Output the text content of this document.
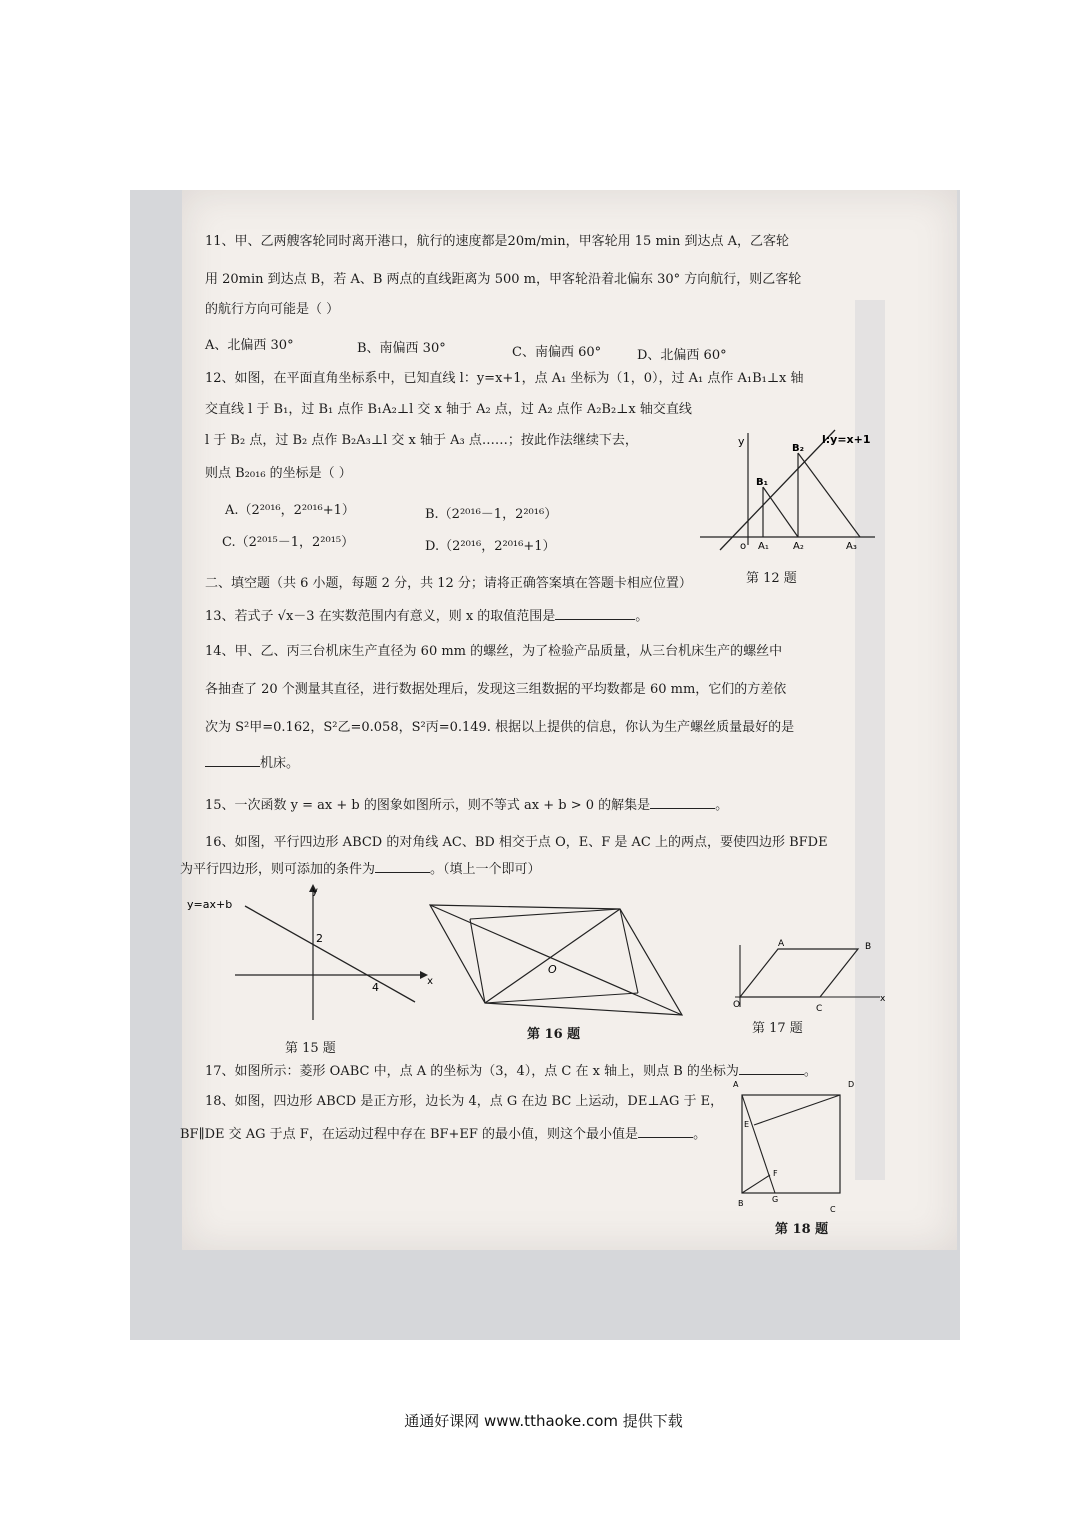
11、甲、乙两艘客轮同时离开港口，航行的速度都是20m/min，甲客轮用 15 min 到达点 A，乙客轮
用 20min 到达点 B，若 A、B 两点的直线距离为 500 m，甲客轮沿着北偏东 30° 方向航行，则乙客轮
的航行方向可能是（ ）
A、北偏西 30°	B、南偏西 30°	C、南偏西 60°	D、北偏西 60°
12、如图，在平面直角坐标系中，已知直线 l：y=x+1，点 A₁ 坐标为（1，0），过 A₁ 点作 A₁B₁⊥x 轴
交直线 l 于 B₁，过 B₁ 点作 B₁A₂⊥l 交 x 轴于 A₂ 点，过 A₂ 点作 A₂B₂⊥x 轴交直线
l 于 B₂ 点，过 B₂ 点作 B₂A₃⊥l 交 x 轴于 A₃ 点……；按此作法继续下去，
则点 B₂₀₁₆ 的坐标是（ ）
A.（2²⁰¹⁶，2²⁰¹⁶+1）	B.（2²⁰¹⁶－1，2²⁰¹⁶）
C.（2²⁰¹⁵－1，2²⁰¹⁵）	D.（2²⁰¹⁶，2²⁰¹⁶+1）
y	l:y=x+1
o
B₁
B₂
A₁ A₂	A₃
第 12 题
二、填空题（共 6 小题，每题 2 分，共 12 分；请将正确答案填在答题卡相应位置）
13、若式子 √x－3 在实数范围内有意义，则 x 的取值范围是	。
14、甲、乙、丙三台机床生产直径为 60 mm 的螺丝，为了检验产品质量，从三台机床生产的螺丝中
各抽查了 20 个测量其直径，进行数据处理后，发现这三组数据的平均数都是 60 mm，它们的方差依
次为 S²甲=0.162，S²乙=0.058，S²丙=0.149. 根据以上提供的信息，你认为生产螺丝质量最好的是
机床。
15、一次函数 y = ax + b 的图象如图所示，则不等式 ax + b > 0 的解集是	。
16、如图，平行四边形 ABCD 的对角线 AC、BD 相交于点 O，E、F 是 AC 上的两点，要使四边形 BFDE
为平行四边形，则可添加的条件为	。（填上一个即可）
y=ax+b
y
x
2
4
第 15 题
O
第 16 题
A	B
C
O
x
第 17 题
17、如图所示：菱形 OABC 中，点 A 的坐标为（3，4），点 C 在 x 轴上，则点 B 的坐标为	。
18、如图，四边形 ABCD 是正方形，边长为 4，点 G 在边 BC 上运动，DE⊥AG 于 E，
BF∥DE 交 AG 于点 F，在运动过程中存在 BF+EF 的最小值，则这个最小值是	。
A	D
B
C
G
E
F
第 18 题
通通好课网 www.tthaoke.com 提供下载
